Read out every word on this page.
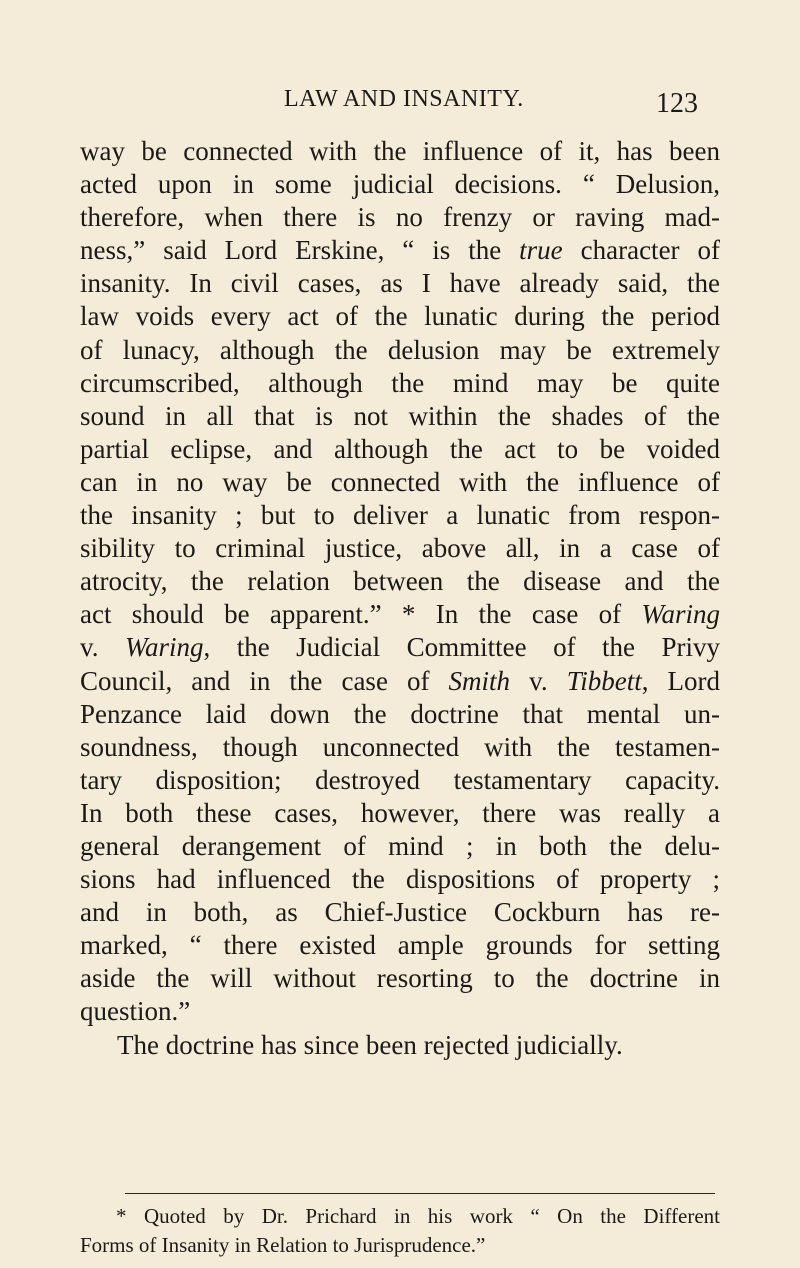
LAW AND INSANITY.	123
way be connected with the influence of it, has been
acted upon in some judicial decisions. “ Delusion,
therefore, when there is no frenzy or raving mad-
ness,” said Lord Erskine, “ is the true character of
insanity. In civil cases, as I have already said, the
law voids every act of the lunatic during the period
of lunacy, although the delusion may be extremely
circumscribed, although the mind may be quite
sound in all that is not within the shades of the
partial eclipse, and although the act to be voided
can in no way be connected with the influence of
the insanity ; but to deliver a lunatic from respon-
sibility to criminal justice, above all, in a case of
atrocity, the relation between the disease and the
act should be apparent.” * In the case of Waring
v. Waring, the Judicial Committee of the Privy
Council, and in the case of Smith v. Tibbett, Lord
Penzance laid down the doctrine that mental un-
soundness, though unconnected with the testamen-
tary disposition; destroyed testamentary capacity.
In both these cases, however, there was really a
general derangement of mind ; in both the delu-
sions had influenced the dispositions of property ;
and in both, as Chief-Justice Cockburn has re-
marked, “ there existed ample grounds for setting
aside the will without resorting to the doctrine in
question.”
The doctrine has since been rejected judicially.
* Quoted by Dr. Prichard in his work “ On the Different
Forms of Insanity in Relation to Jurisprudence.”
